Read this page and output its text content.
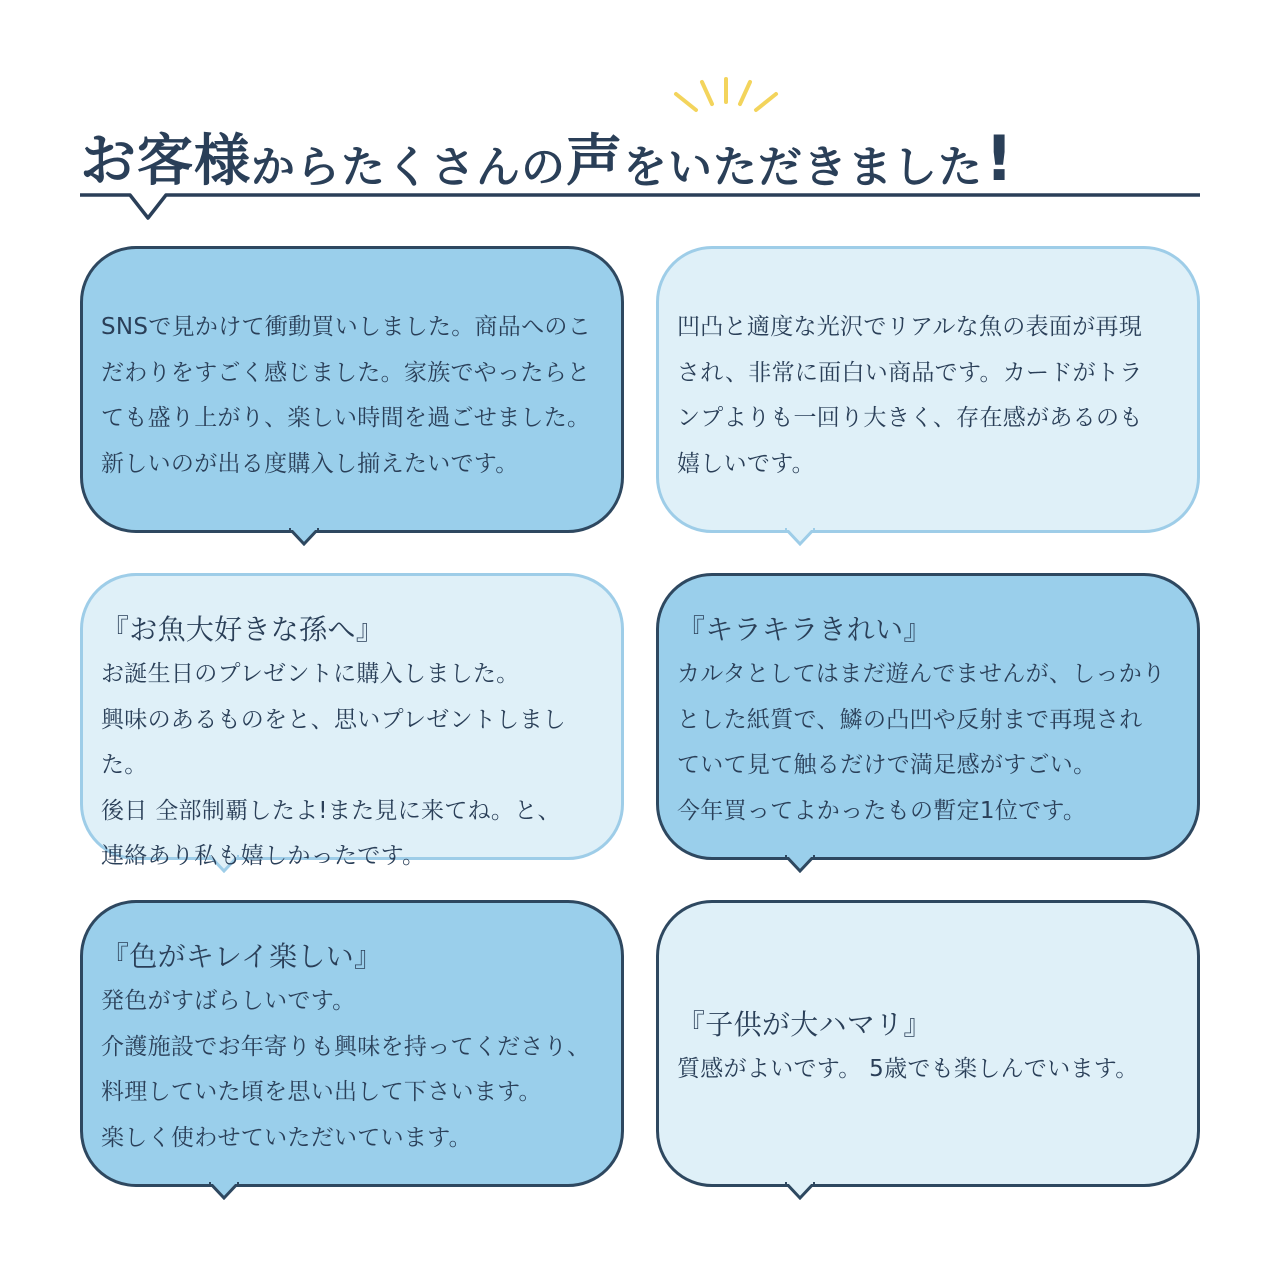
お客様 からたくさん の 声 をいただきました !
SNSで見かけて衝動買いしました。商品へのこ
だわりをすごく感じました。家族でやったらと
ても盛り上がり、楽しい時間を過ごせました。
新しいのが出る度購入し揃えたいです。
凹凸と適度な光沢でリアルな魚の表面が再現
され、非常に面白い商品です。カードがトラ
ンプよりも一回り大きく、存在感があるのも
嬉しいです。
『お魚大好きな孫へ』
お誕生日のプレゼントに購入しました。
興味のあるものをと、思いプレゼントしました。
後日 全部制覇したよ!また見に来てね。と、
連絡あり私も嬉しかったです。
『キラキラきれい』
カルタとしてはまだ遊んでませんが、しっかり
とした紙質で、鱗の凸凹や反射まで再現され
ていて見て触るだけで満足感がすごい。
今年買ってよかったもの暫定1位です。
『色がキレイ楽しい』
発色がすばらしいです。
介護施設でお年寄りも興味を持ってくださり、
料理していた頃を思い出して下さいます。
楽しく使わせていただいています。
『子供が大ハマリ』
質感がよいです。 5歳でも楽しんでいます。
